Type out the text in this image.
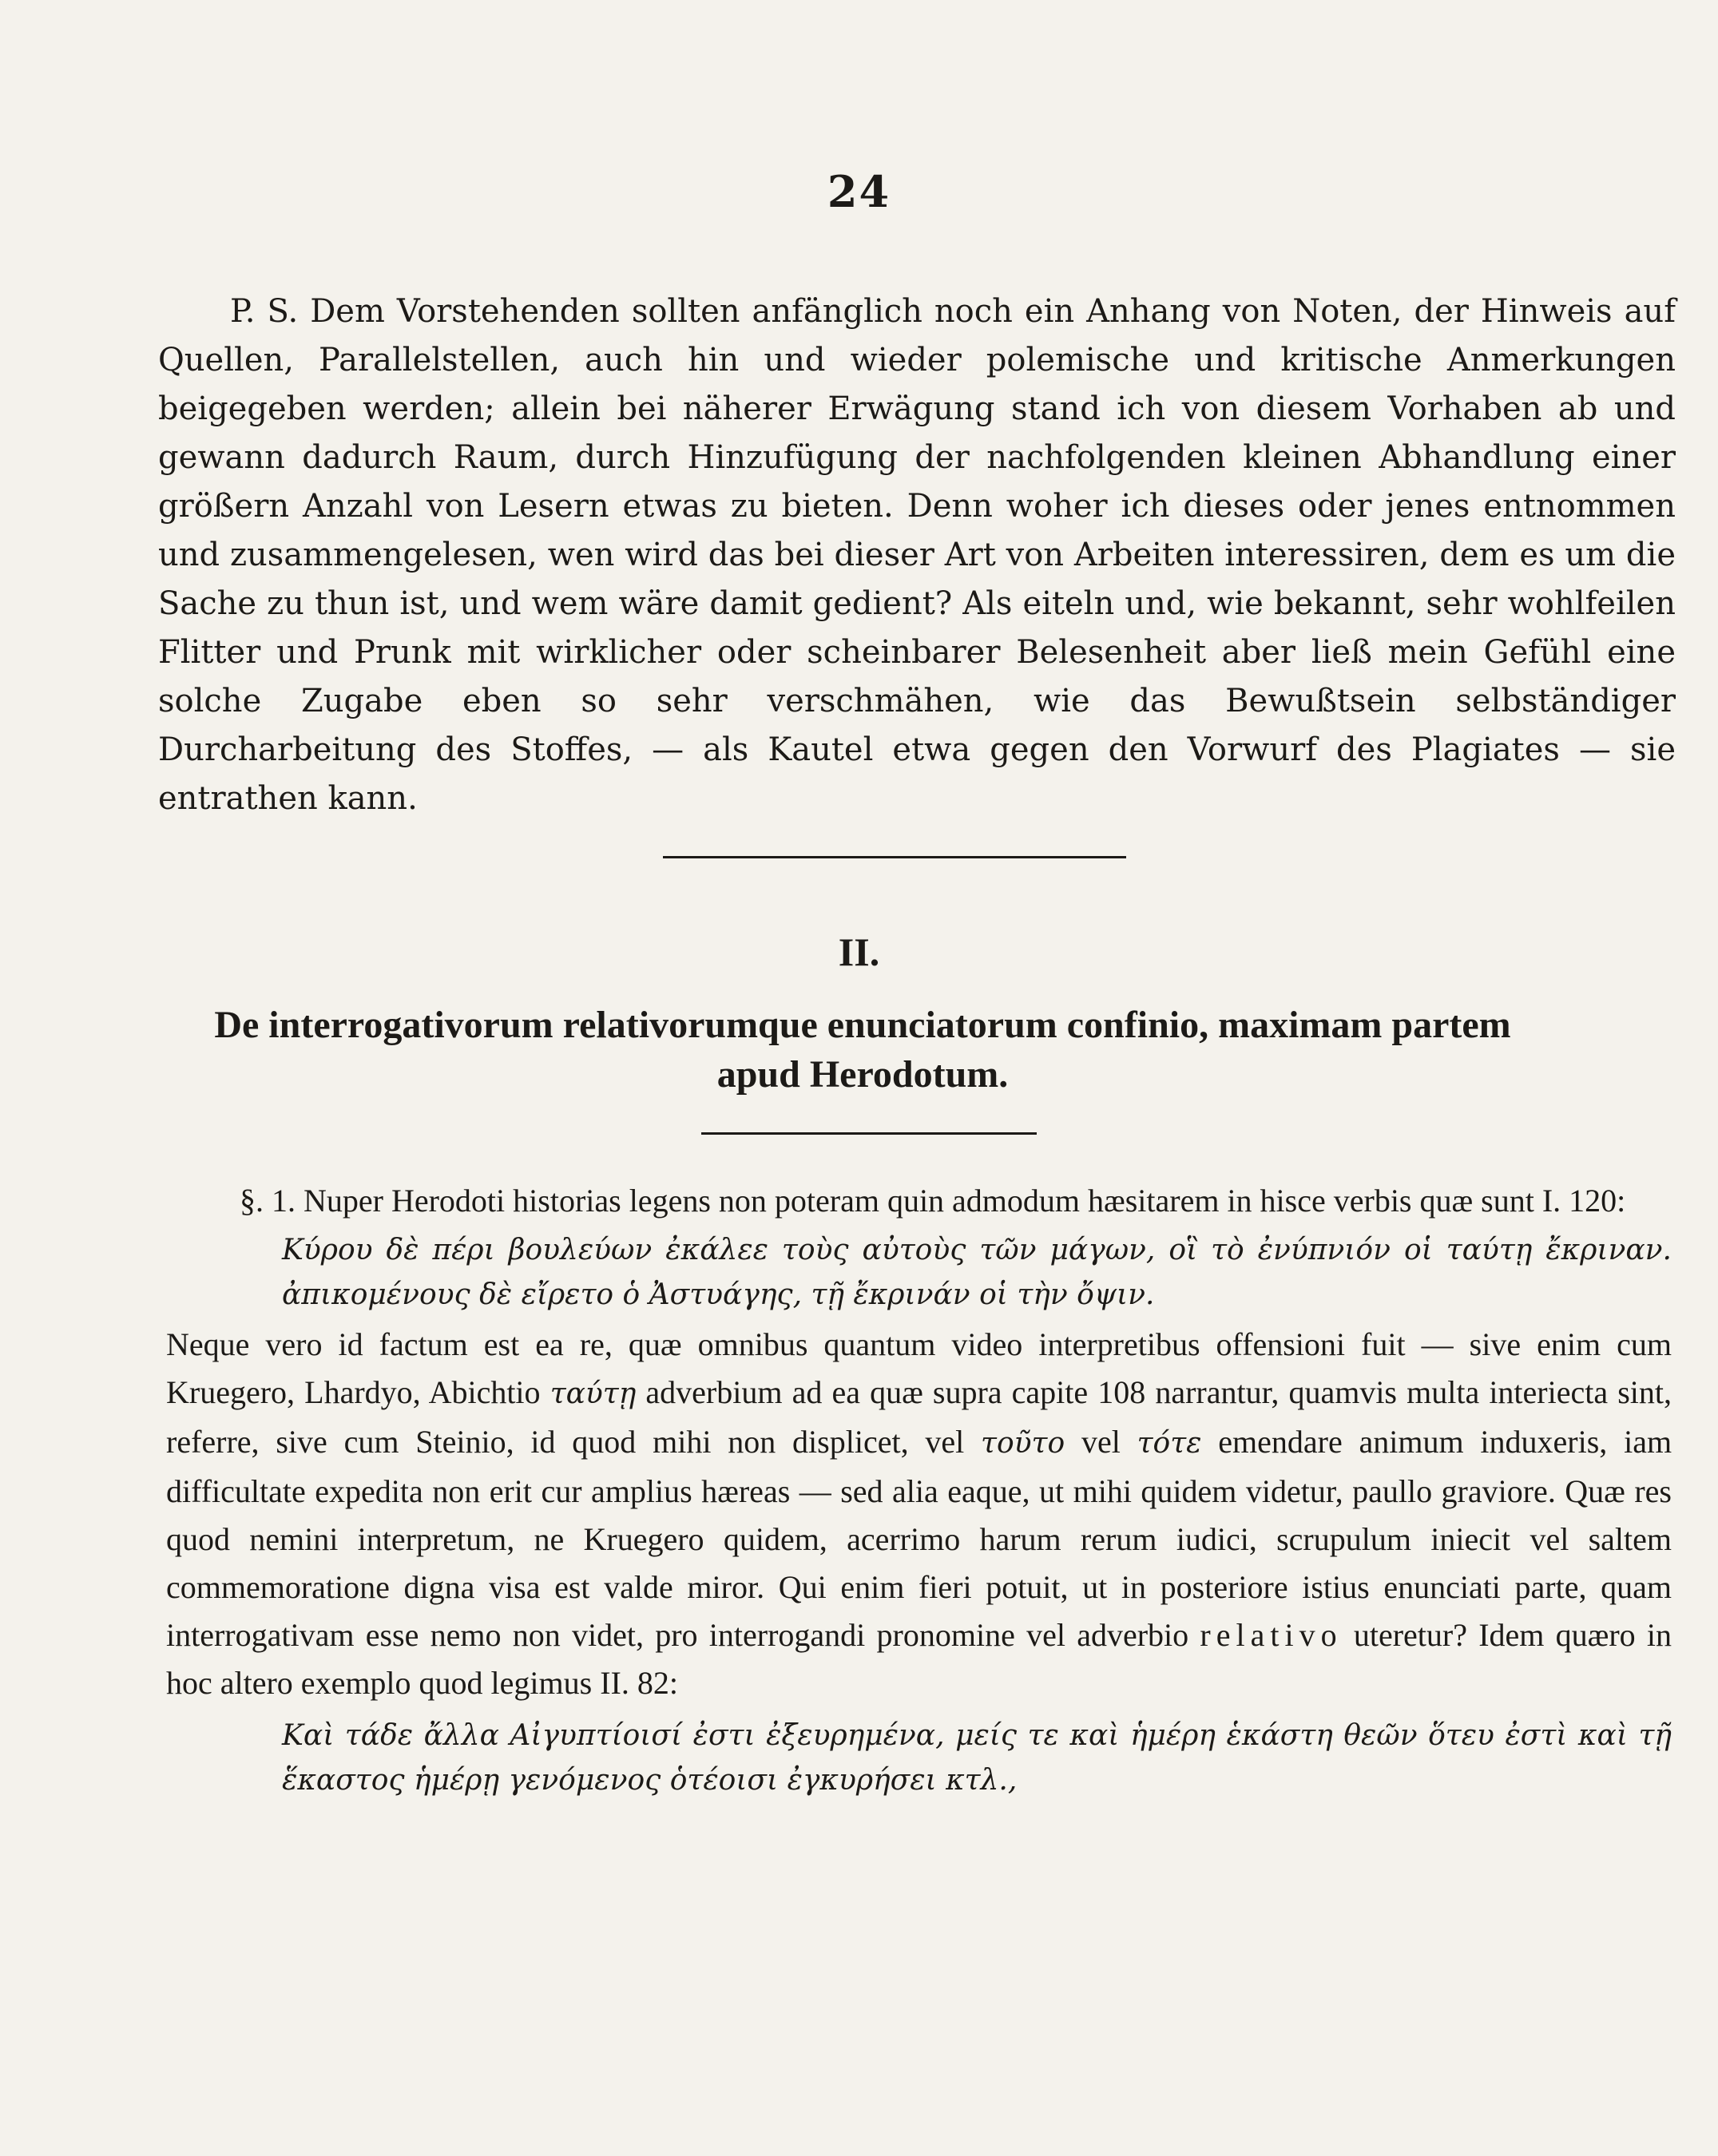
24

P. S. Dem Vorstehenden sollten anfänglich noch ein Anhang von Noten, der Hinweis auf Quellen, Parallelstellen, auch hin und wieder polemische und kritische Anmerkungen beigegeben werden; allein bei näherer Erwägung stand ich von diesem Vorhaben ab und gewann dadurch Raum, durch Hinzufügung der nachfolgenden kleinen Abhandlung einer größern Anzahl von Lesern etwas zu bieten. Denn woher ich dieses oder jenes entnommen und zusammengelesen, wen wird das bei dieser Art von Arbeiten interessiren, dem es um die Sache zu thun ist, und wem wäre damit gedient? Als eiteln und, wie bekannt, sehr wohlfeilen Flitter und Prunk mit wirklicher oder scheinbarer Belesenheit aber ließ mein Gefühl eine solche Zugabe eben so sehr verschmähen, wie das Bewußtsein selbständiger Durcharbeitung des Stoffes, — als Kautel etwa gegen den Vorwurf des Plagiates — sie entrathen kann.

II.
De interrogativorum relativorumque enunciatorum confinio, maximam partem apud Herodotum.

§. 1. Nuper Herodoti historias legens non poteram quin admodum hæsitarem in hisce verbis quæ sunt I. 120:

Κύρου δὲ πέρι βουλεύων ἐκάλεε τοὺς αὐτοὺς τῶν μάγων, οἳ τὸ ἐνύπνιόν οἱ ταύτῃ ἔκριναν. ἀπικομένους δὲ εἴρετο ὁ Ἀστυάγης, τῇ ἔκρινάν οἱ τὴν ὄψιν.

Neque vero id factum est ea re, quæ omnibus quantum video interpretibus offensioni fuit — sive enim cum Kruegero, Lhardyo, Abichtio ταύτῃ adverbium ad ea quæ supra capite 108 narrantur, quamvis multa interiecta sint, referre, sive cum Steinio, id quod mihi non displicet, vel τοῦτο vel τότε emendare animum induxeris, iam difficultate expedita non erit cur amplius hæreas — sed alia eaque, ut mihi quidem videtur, paullo graviore. Quæ res quod nemini interpretum, ne Kruegero quidem, acerrimo harum rerum iudici, scrupulum iniecit vel saltem commemoratione digna visa est valde miror. Qui enim fieri potuit, ut in posteriore istius enunciati parte, quam interrogativam esse nemo non videt, pro interrogandi pronomine vel adverbio relativo uteretur? Idem quæro in hoc altero exemplo quod legimus II. 82:

Καὶ τάδε ἄλλα Αἰγυπτίοισί ἐστι ἐξευρημένα, μείς τε καὶ ἡμέρη ἑκάστη θεῶν ὅτευ ἐστὶ καὶ τῇ ἕκαστος ἡμέρῃ γενόμενος ὁτέοισι ἐγκυρήσει κτλ.,
